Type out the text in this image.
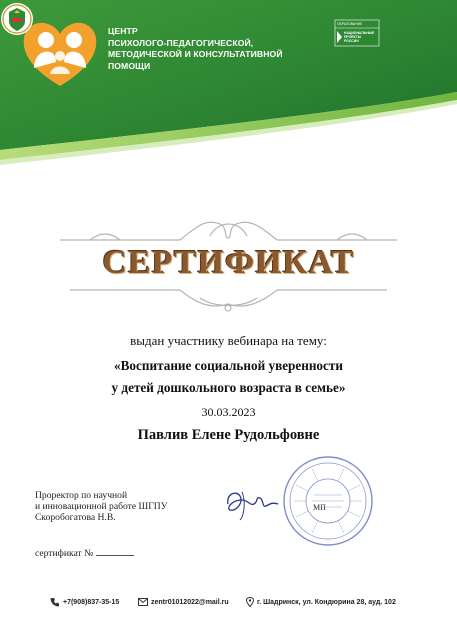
ЦЕНТР
ПСИХОЛОГО-ПЕДАГОГИЧЕСКОЙ,
МЕТОДИЧЕСКОЙ И КОНСУЛЬТАТИВНОЙ
ПОМОЩИ
ОБРАЗОВАНИЕ
НАЦИОНАЛЬНЫЕ ПРОЕКТЫ РОССИИ
СЕРТИФИКАТ
выдан участнику вебинара на тему:
«Воспитание социальной уверенности
у детей дошкольного возраста в семье»
30.03.2023
Павлив Елене Рудольфовне
Проректор по научной
и инновационной работе ШГПУ
Скоробогатова Н.В.
МП
сертификат №
+7(908)837-35-15	zentr01012022@mail.ru	г. Шадринск, ул. Кондюрина 28, ауд. 102
